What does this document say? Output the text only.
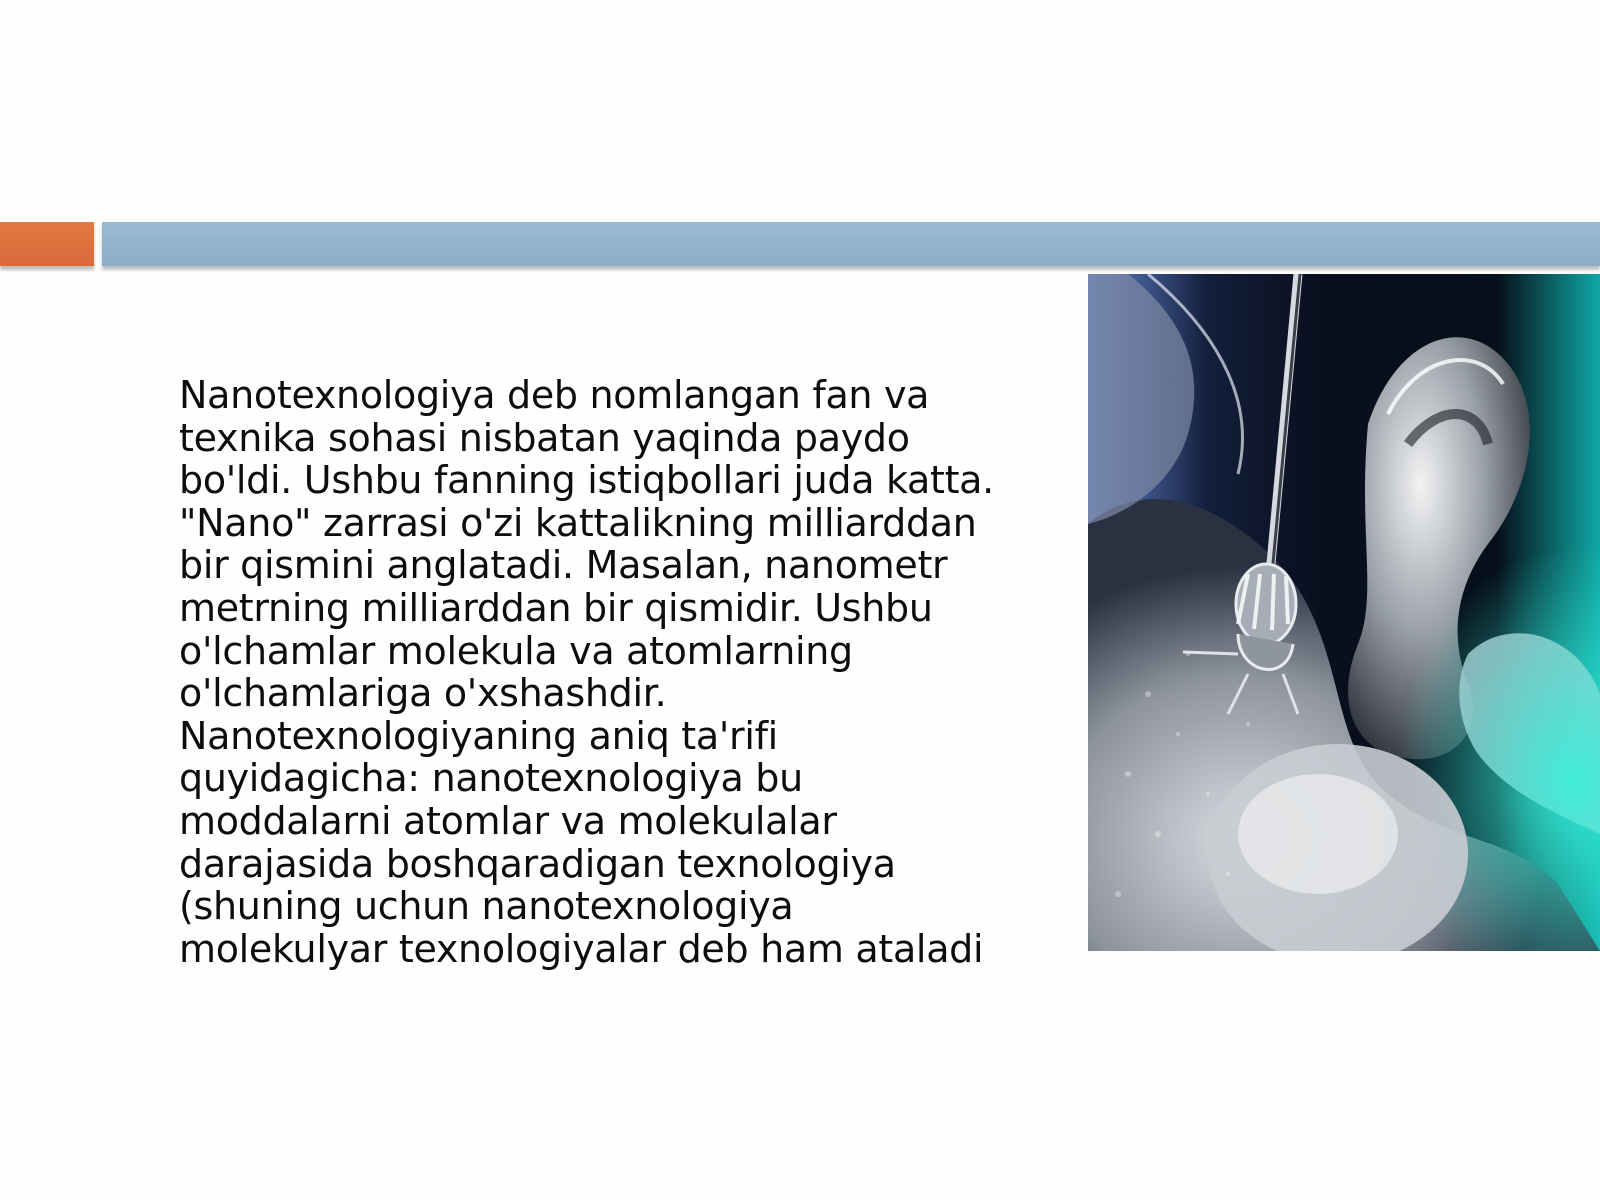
Nanotexnologiya deb nomlangan fan va texnika sohasi nisbatan yaqinda paydo bo'ldi. Ushbu fanning istiqbollari juda katta. "Nano" zarrasi o'zi kattalikning milliarddan bir qismini anglatadi. Masalan, nanometr metrning milliarddan bir qismidir. Ushbu o'lchamlar molekula va atomlarning o'lchamlariga o'xshashdir. Nanotexnologiyaning aniq ta'rifi quyidagicha: nanotexnologiya bu moddalarni atomlar va molekulalar darajasida boshqaradigan texnologiya (shuning uchun nanotexnologiya molekulyar texnologiyalar deb ham ataladi
